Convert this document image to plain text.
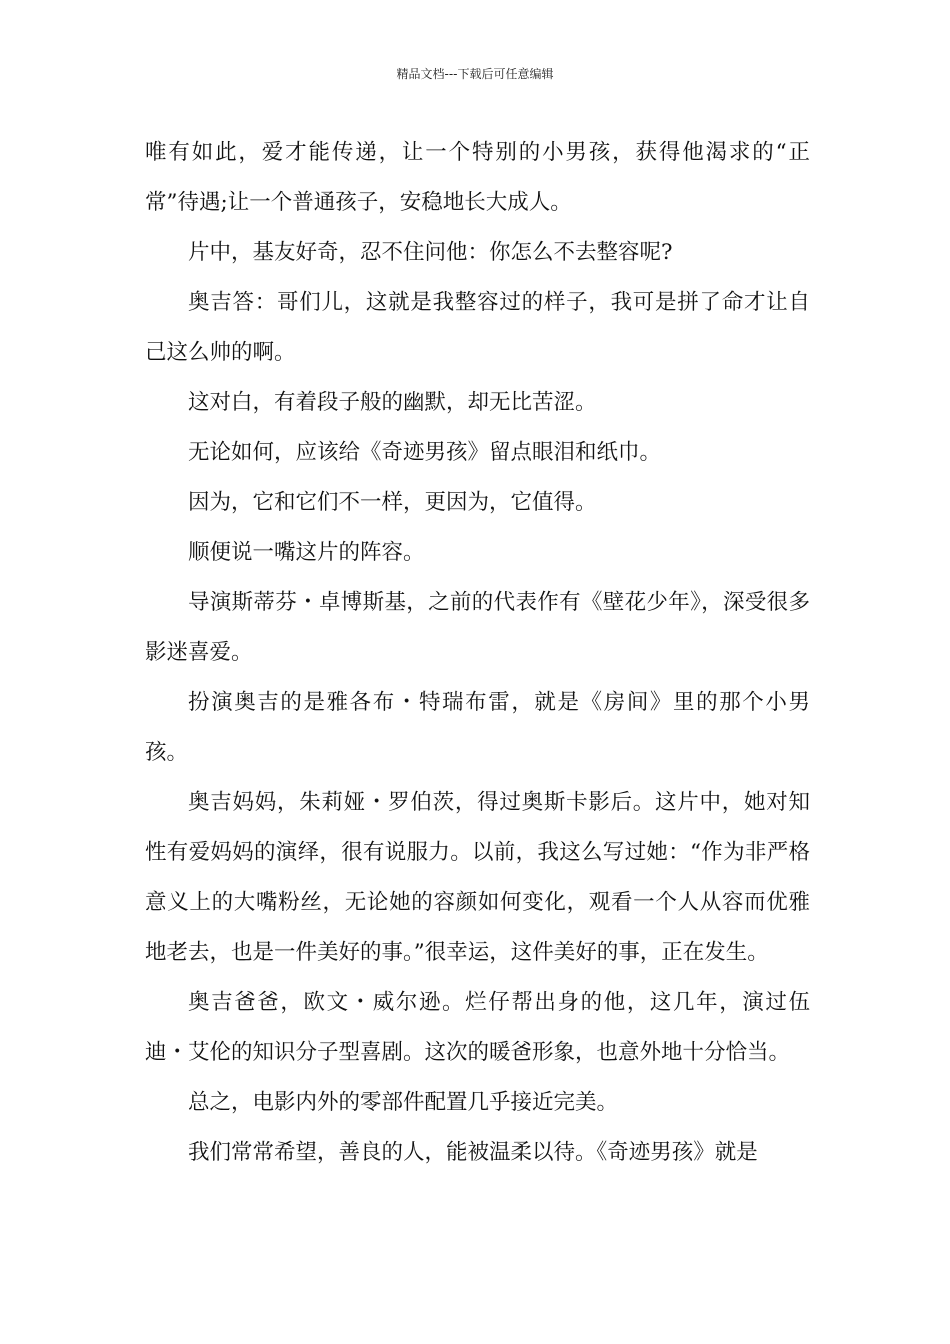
精品文档---下载后可任意编辑

唯有如此，爱才能传递，让一个特别的小男孩，获得他渴求的“正常”待遇;让一个普通孩子，安稳地长大成人。

片中，基友好奇，忍不住问他：你怎么不去整容呢?

奥吉答：哥们儿，这就是我整容过的样子，我可是拼了命才让自己这么帅的啊。

这对白，有着段子般的幽默，却无比苦涩。

无论如何，应该给《奇迹男孩》留点眼泪和纸巾。

因为，它和它们不一样，更因为，它值得。

顺便说一嘴这片的阵容。

导演斯蒂芬・卓博斯基，之前的代表作有《壁花少年》，深受很多影迷喜爱。

扮演奥吉的是雅各布・特瑞布雷，就是《房间》里的那个小男孩。

奥吉妈妈，朱莉娅・罗伯茨，得过奥斯卡影后。这片中，她对知性有爱妈妈的演绎，很有说服力。以前，我这么写过她：“作为非严格意义上的大嘴粉丝，无论她的容颜如何变化，观看一个人从容而优雅地老去，也是一件美好的事。”很幸运，这件美好的事，正在发生。

奥吉爸爸，欧文・威尔逊。烂仔帮出身的他，这几年，演过伍迪・艾伦的知识分子型喜剧。这次的暖爸形象，也意外地十分恰当。

总之，电影内外的零部件配置几乎接近完美。

我们常常希望，善良的人，能被温柔以待。《奇迹男孩》就是
